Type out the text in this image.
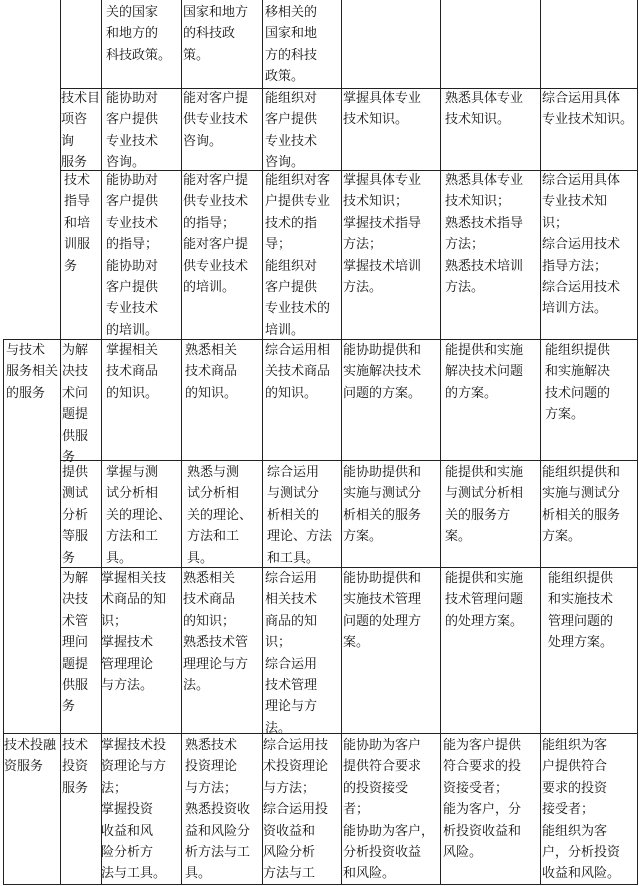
关的国家
和地方的
科技政策。
国家和地方
的科技政
策。
移相关的
国家和地
方的科技
政策。
技术目
项咨
询
服务
能协助对
客户提供
专业技术
咨询。
能对客户提
供专业技术
咨询。
能组织对
客户提供
专业技术
咨询。
掌握具体专业
技术知识。
熟悉具体专业
技术知识。
综合运用具体
专业技术知识。
技术
指导
和培
训服
务
能协助对
客户提供
专业技术
的指导；
能协助对
客户提供
专业技术
的培训。
能对客户提
供专业技术
的指导；
能对客户提
供专业技术
的培训。
能组织对客
户提供专业
技术的指
导；
能组织对
客户提供
专业技术的
培训。
掌握具体专业
技术知识；
掌握技术指导
方法；
掌握技术培训
方法。
熟悉具体专业
技术知识；
熟悉技术指导
方法；
熟悉技术培训
方法。
综合运用具体
专业技术知
识；
综合运用技术
指导方法；
综合运用技术
培训方法。
与技术
服务相关
的服务
为解
决技
术问
题提
供服
务
掌握相关
技术商品
的知识。
熟悉相关
技术商品
的知识。
综合运用相
关技术商品
的知识。
能协助提供和
实施解决技术
问题的方案。
能提供和实施
解决技术问题
的方案。
能组织提供
和实施解决
技术问题的
方案。
提供
测试
分析
等服
务
掌握与测
试分析相
关的理论、
方法和工
具。
熟悉与测
试分析相
关的理论、
方法和工
具。
综合运用
与测试分
析相关的
理论、方法
和工具。
能协助提供和
实施与测试分
析相关的服务
方案。
能提供和实施
与测试分析相
关的服务方
案。
能组织提供和
实施与测试分
析相关的服务
方案。
为解
决技
术管
理问
题提
供服
务
掌握相关技
术商品的知
识；
掌握技术
管理理论
与方法。
熟悉相关
技术商品
的知识；
熟悉技术管
理理论与方
法。
综合运用
相关技术
商品的知
识；
综合运用
技术管理
理论与方
法。
能协助提供和
实施技术管理
问题的处理方
案。
能提供和实施
技术管理问题
的处理方案。
能组织提供
和实施技术
管理问题的
处理方案。
技术投融
资服务
技术
投资
服务
掌握技术投
资理论与方
法；
掌握投资
收益和风
险分析方
法与工具。
熟悉技术
投资理论
与方法；
熟悉投资收
益和风险分
析方法与工
具。
综合运用技
术投资理论
与方法；
综合运用投
资收益和
风险分析
方法与工
能协助为客户
提供符合要求
的投资接受
者；
能协助为客户，
分析投资收益
和风险。
能为客户提供
符合要求的投
资接受者；
能为客户，分
析投资收益和
风险。
能组织为客
户提供符合
要求的投资
接受者；
能组织为客
户，分析投资
收益和风险。
